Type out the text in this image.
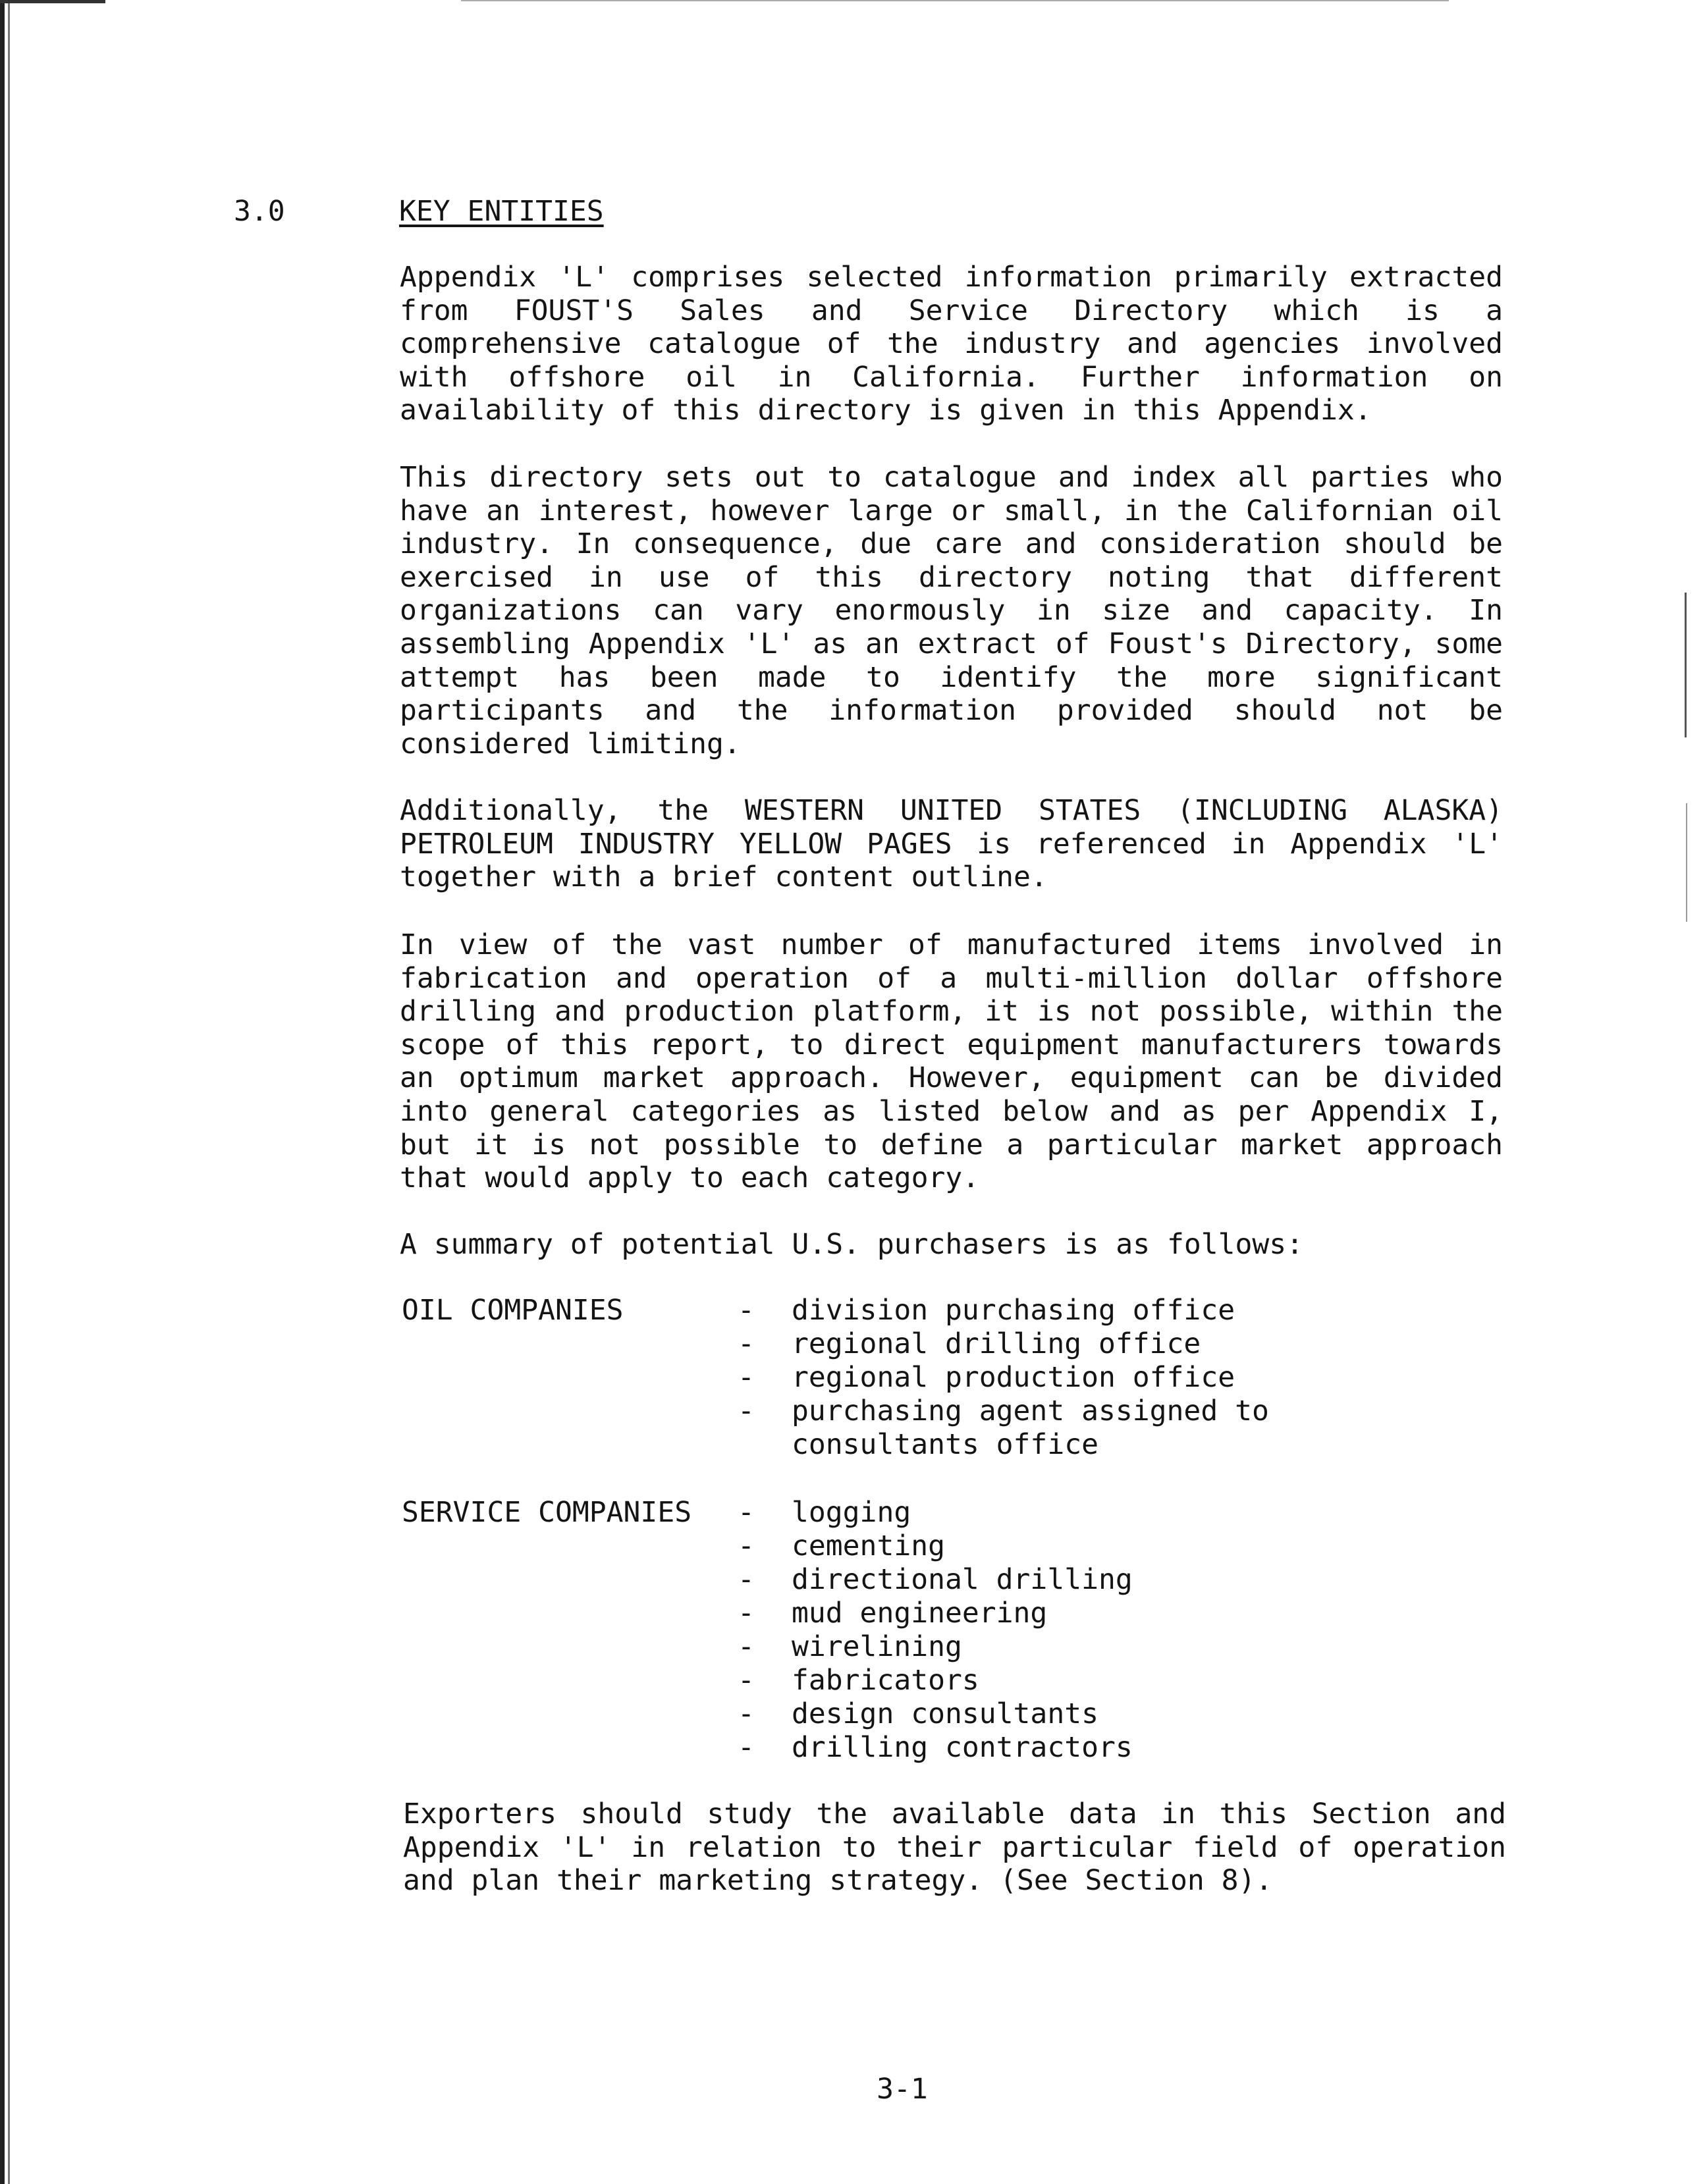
3.0	KEY ENTITIES

Appendix 'L' comprises selected information primarily extracted from FOUST'S Sales and Service Directory which is a comprehensive catalogue of the industry and agencies involved with offshore oil in California. Further information on availability of this directory is given in this Appendix.

This directory sets out to catalogue and index all parties who have an interest, however large or small, in the Californian oil industry. In consequence, due care and consideration should be exercised in use of this directory noting that different organizations can vary enormously in size and capacity. In assembling Appendix 'L' as an extract of Foust's Directory, some attempt has been made to identify the more significant participants and the information provided should not be considered limiting.

Additionally, the WESTERN UNITED STATES (INCLUDING ALASKA) PETROLEUM INDUSTRY YELLOW PAGES is referenced in Appendix 'L' together with a brief content outline.

In view of the vast number of manufactured items involved in fabrication and operation of a multi-million dollar offshore drilling and production platform, it is not possible, within the scope of this report, to direct equipment manufacturers towards an optimum market approach. However, equipment can be divided into general categories as listed below and as per Appendix I, but it is not possible to define a particular market approach that would apply to each category.

A summary of potential U.S. purchasers is as follows:

OIL COMPANIES	- division purchasing office
- regional drilling office
- regional production office
- purchasing agent assigned to
consultants office
SERVICE COMPANIES - logging
- cementing
- directional drilling
- mud engineering
- wirelining
- fabricators
- design consultants
- drilling contractors

Exporters should study the available data in this Section and Appendix 'L' in relation to their particular field of operation and plan their marketing strategy. (See Section 8).

3-1
